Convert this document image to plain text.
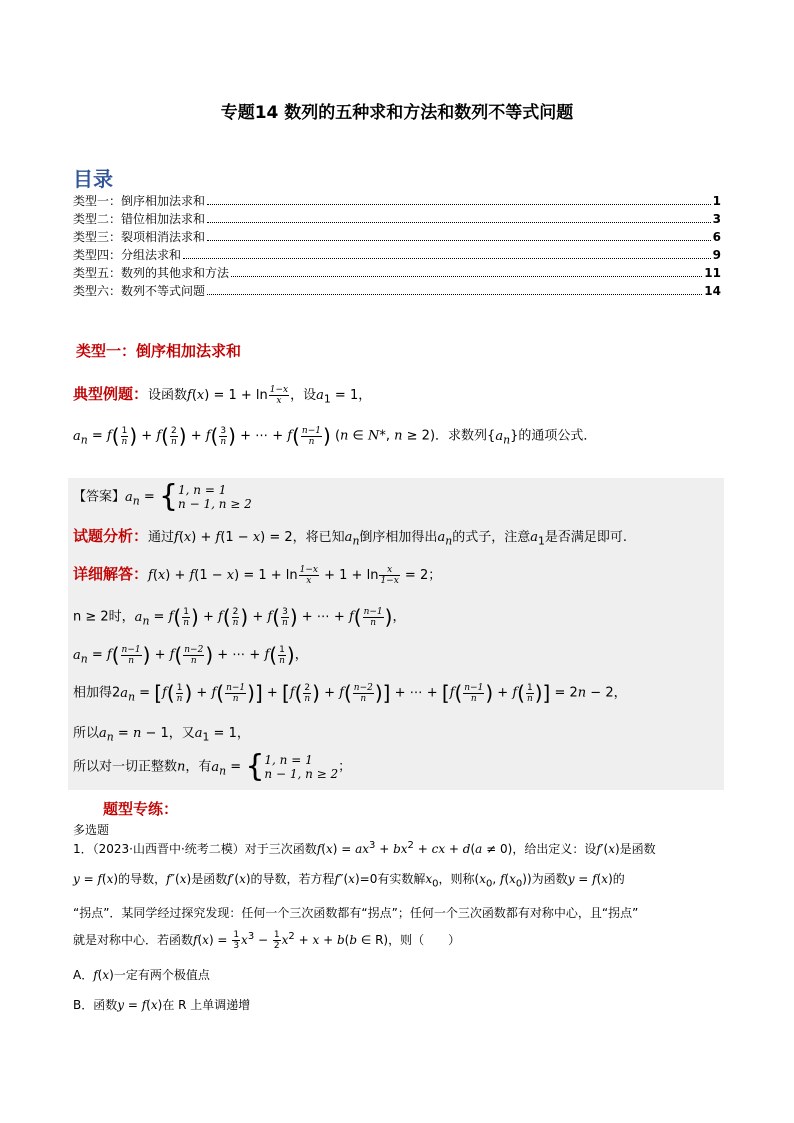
专题14 数列的五种求和方法和数列不等式问题
目录
类型一：倒序相加法求和	1
类型二：错位相加法求和	3
类型三：裂项相消法求和	6
类型四：分组法求和	9
类型五：数列的其他求和方法	11
类型六：数列不等式问题	14
类型一：倒序相加法求和
典型例题：设函数$f(x) = 1 + \ln \frac{1-x}{x}$ ，设$a_1 = 1$，
$a_n = f( \frac{1}{n}$ ) + $f( \frac{2}{n}$ ) + $f( \frac{3}{n}$ ) + ⋯ + $f( \frac{n-1}{n}$ ) (n ∈ N*, n ≥ 2)．求数列$\{a_n\}$的通项公式．
【答案】$a_n$ = { 1, n = 1
n − 1, n ≥ 2
试题分析：通过f(x) + f(1 − x) = 2，将已知$a_n$倒序相加得出$a_n$的式子，注意$a_1$是否满足即可.
详细解答：$f(x) + f(1 - x) = 1 + \ln \frac{1-x}{x} + 1 + \ln \frac{x}{1-x} = 2$；
n ≥ 2时，$a_n = f( \frac{1}{n}$ ) + $f( \frac{2}{n}$ ) + $f( \frac{3}{n}$ ) + ⋯ + $f( \frac{n-1}{n}$ )，
$a_n = f( \frac{n-1}{n}$ ) + $f( \frac{n-2}{n}$ ) + ⋯ + $f( \frac{1}{n}$ )，
相加得$2a_n = [f( \frac{1}{n}$ ) + $f( \frac{n-1}{n}$ )] + [$f( \frac{2}{n}$ ) + $f( \frac{n-2}{n}$ )] + ⋯ + [$f( \frac{n-1}{n}$ ) + $f( \frac{1}{n}$ )] = 2n − 2，
所以$a_n = n - 1$，又$a_1 = 1$，
所以对一切正整数n，有$a_n$ = { 1, n = 1
n − 1, n ≥ 2 ；
题型专练：
多选题
1．（2023·山西晋中·统考二模）对于三次函数$f(x) = ax^3 + bx^2$ + cx + d(a ≠ 0)，给出定义：设f′(x)是函数
y = f(x)的导数，f″(x)是函数f′(x)的导数，若方程f″(x)=0有实数解$x_0$，则称($x_0$, $f(x_0)$)为函数y = f(x)的
“拐点”．某同学经过探究发现：任何一个三次函数都有“拐点”；任何一个三次函数都有对称中心，且“拐点”
就是对称中心．若函数$f(x) = \frac{1}{3} x^3 - \frac{1}{2} x^2 + x + b(b$ ∈ R)，则（　　）
A．f(x)一定有两个极值点
B．函数y = f(x)在 R 上单调递增
